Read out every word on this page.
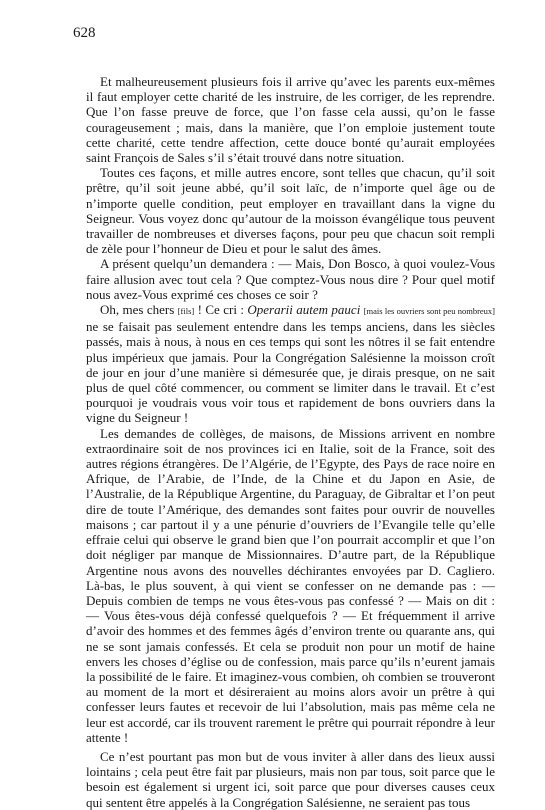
628

Et malheureusement plusieurs fois il arrive qu’avec les parents eux-mêmes il faut employer cette charité de les instruire, de les corriger, de les reprendre. Que l’on fasse preuve de force, que l’on fasse cela aussi, qu’on le fasse courageusement ; mais, dans la manière, que l’on emploie justement toute cette charité, cette tendre affection, cette douce bonté qu’aurait employées saint François de Sales s’il s’était trouvé dans notre situation.

Toutes ces façons, et mille autres encore, sont telles que chacun, qu’il soit prêtre, qu’il soit jeune abbé, qu’il soit laïc, de n’importe quel âge ou de n’importe quelle condition, peut employer en travaillant dans la vigne du Seigneur. Vous voyez donc qu’autour de la moisson évangélique tous peuvent travailler de nombreuses et diverses façons, pour peu que chacun soit rempli de zèle pour l’honneur de Dieu et pour le salut des âmes.

A présent quelqu’un demandera : — Mais, Don Bosco, à quoi voulez-Vous faire allusion avec tout cela ? Que comptez-Vous nous dire ? Pour quel motif nous avez-Vous exprimé ces choses ce soir ?

Oh, mes chers [fils] ! Ce cri : Operarii autem pauci [mais les ouvriers sont peu nombreux] ne se faisait pas seulement entendre dans les temps anciens, dans les siècles passés, mais à nous, à nous en ces temps qui sont les nôtres il se fait entendre plus impérieux que jamais. Pour la Congrégation Salésienne la moisson croît de jour en jour d’une manière si démesurée que, je dirais presque, on ne sait plus de quel côté commencer, ou comment se limiter dans le travail. Et c’est pourquoi je voudrais vous voir tous et rapidement de bons ouvriers dans la vigne du Seigneur !

Les demandes de collèges, de maisons, de Missions arrivent en nombre extraordinaire soit de nos provinces ici en Italie, soit de la France, soit des autres régions étrangères. De l’Algérie, de l’Egypte, des Pays de race noire en Afrique, de l’Arabie, de l’Inde, de la Chine et du Japon en Asie, de l’Australie, de la République Argentine, du Paraguay, de Gibraltar et l’on peut dire de toute l’Amérique, des demandes sont faites pour ouvrir de nouvelles maisons ; car partout il y a une pénurie d’ouvriers de l’Evangile telle qu’elle effraie celui qui observe le grand bien que l’on pourrait accomplir et que l’on doit négliger par manque de Missionnaires. D’autre part, de la République Argentine nous avons des nouvelles déchirantes envoyées par D. Cagliero. Là-bas, le plus souvent, à qui vient se confesser on ne demande pas : — Depuis combien de temps ne vous êtes-vous pas confessé ? — Mais on dit : — Vous êtes-vous déjà confessé quelquefois ? — Et fréquemment il arrive d’avoir des hommes et des femmes âgés d’environ trente ou quarante ans, qui ne se sont jamais confessés. Et cela se produit non pour un motif de haine envers les choses d’église ou de confession, mais parce qu’ils n’eurent jamais la possibilité de le faire. Et imaginez-vous combien, oh combien se trouveront au moment de la mort et désireraient au moins alors avoir un prêtre à qui confesser leurs fautes et recevoir de lui l’absolution, mais pas même cela ne leur est accordé, car ils trouvent rarement le prêtre qui pourrait répondre à leur attente !

Ce n’est pourtant pas mon but de vous inviter à aller dans des lieux aussi lointains ; cela peut être fait par plusieurs, mais non par tous, soit parce que le besoin est également si urgent ici, soit parce que pour diverses causes ceux qui sentent être appelés à la Congrégation Salésienne, ne seraient pas tous
